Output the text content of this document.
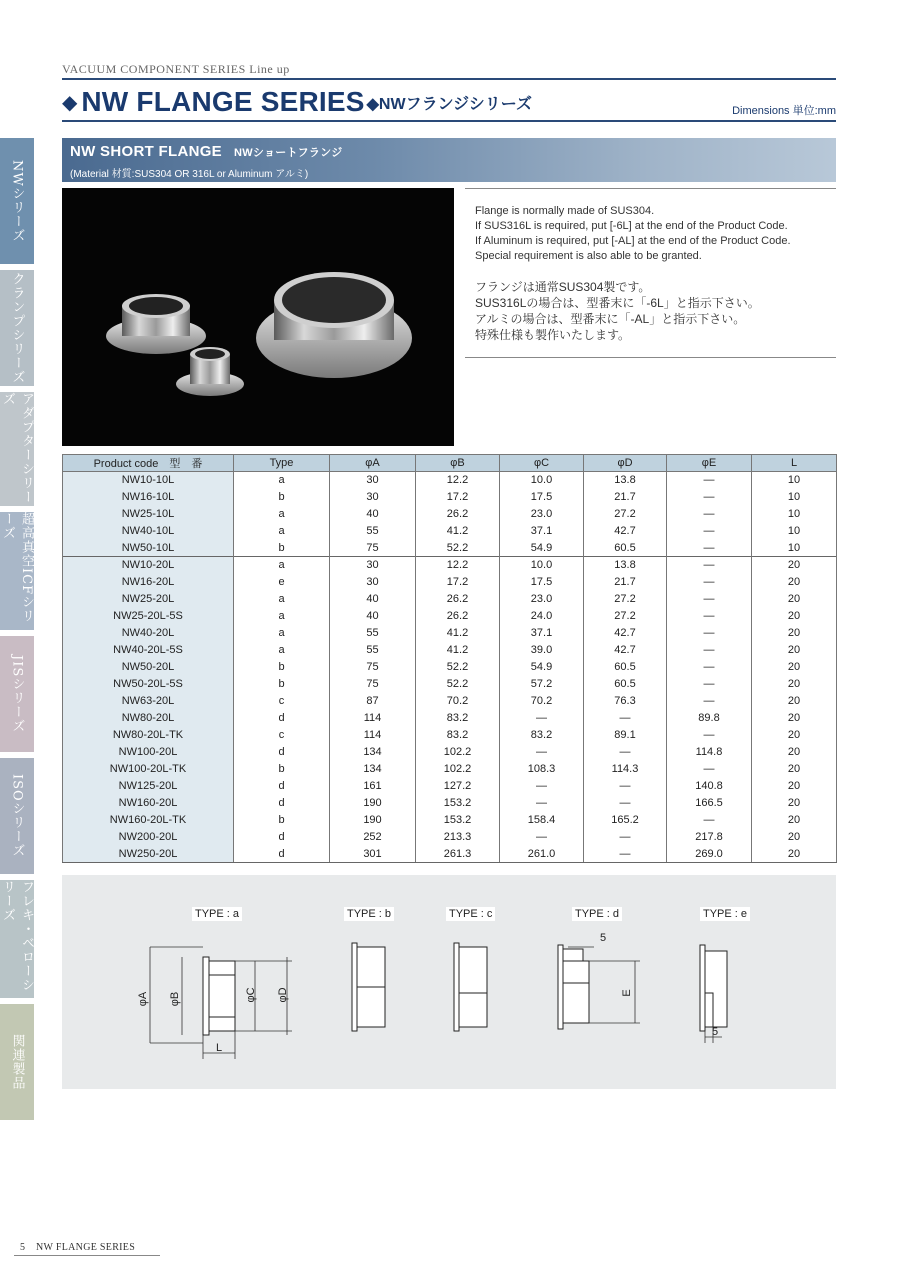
VACUUM COMPONENT SERIES Line up
◆ NW FLANGE SERIES ◆NWフランジシリーズ	Dimensions 単位:mm
NWシリーズ
クランプシリーズ
アダプターシリーズ
超高真空ICFシリーズ
JISシリーズ
ISOシリーズ
フレキ・ベローシリーズ
関連製品
NW SHORT FLANGE NWショートフランジ
(Material 材質:SUS304 OR 316L or Aluminum アルミ)
Flange is normally made of SUS304.
If SUS316L is required, put [-6L] at the end of the Product Code.
If Aluminum is required, put [-AL] at the end of the Product Code.
Special requirement is also able to be granted.
フランジは通常SUS304製です。
SUS316Lの場合は、型番末に「-6L」と指示下さい。
アルミの場合は、型番末に「-AL」と指示下さい。
特殊仕様も製作いたします。
Product code　型　番	Type	φA	φB	φC	φD	φE	L
NW10-10L	a	30	12.2	10.0	13.8	—	10
NW16-10L	b	30	17.2	17.5	21.7	—	10
NW25-10L	a	40	26.2	23.0	27.2	—	10
NW40-10L	a	55	41.2	37.1	42.7	—	10
NW50-10L	b	75	52.2	54.9	60.5	—	10
NW10-20L	a	30	12.2	10.0	13.8	—	20
NW16-20L	e	30	17.2	17.5	21.7	—	20
NW25-20L	a	40	26.2	23.0	27.2	—	20
NW25-20L-5S	a	40	26.2	24.0	27.2	—	20
NW40-20L	a	55	41.2	37.1	42.7	—	20
NW40-20L-5S	a	55	41.2	39.0	42.7	—	20
NW50-20L	b	75	52.2	54.9	60.5	—	20
NW50-20L-5S	b	75	52.2	57.2	60.5	—	20
NW63-20L	c	87	70.2	70.2	76.3	—	20
NW80-20L	d	114	83.2	—	—	89.8	20
NW80-20L-TK	c	114	83.2	83.2	89.1	—	20
NW100-20L	d	134	102.2	—	—	114.8	20
NW100-20L-TK	b	134	102.2	108.3	114.3	—	20
NW125-20L	d	161	127.2	—	—	140.8	20
NW160-20L	d	190	153.2	—	—	166.5	20
NW160-20L-TK	b	190	153.2	158.4	165.2	—	20
NW200-20L	d	252	213.3	—	—	217.8	20
NW250-20L	d	301	261.3	261.0	—	269.0	20
TYPE : a	TYPE : b	TYPE : c	TYPE : d	TYPE : e
φA φB	φC φD
L
E
5
5
5 NW FLANGE SERIES
